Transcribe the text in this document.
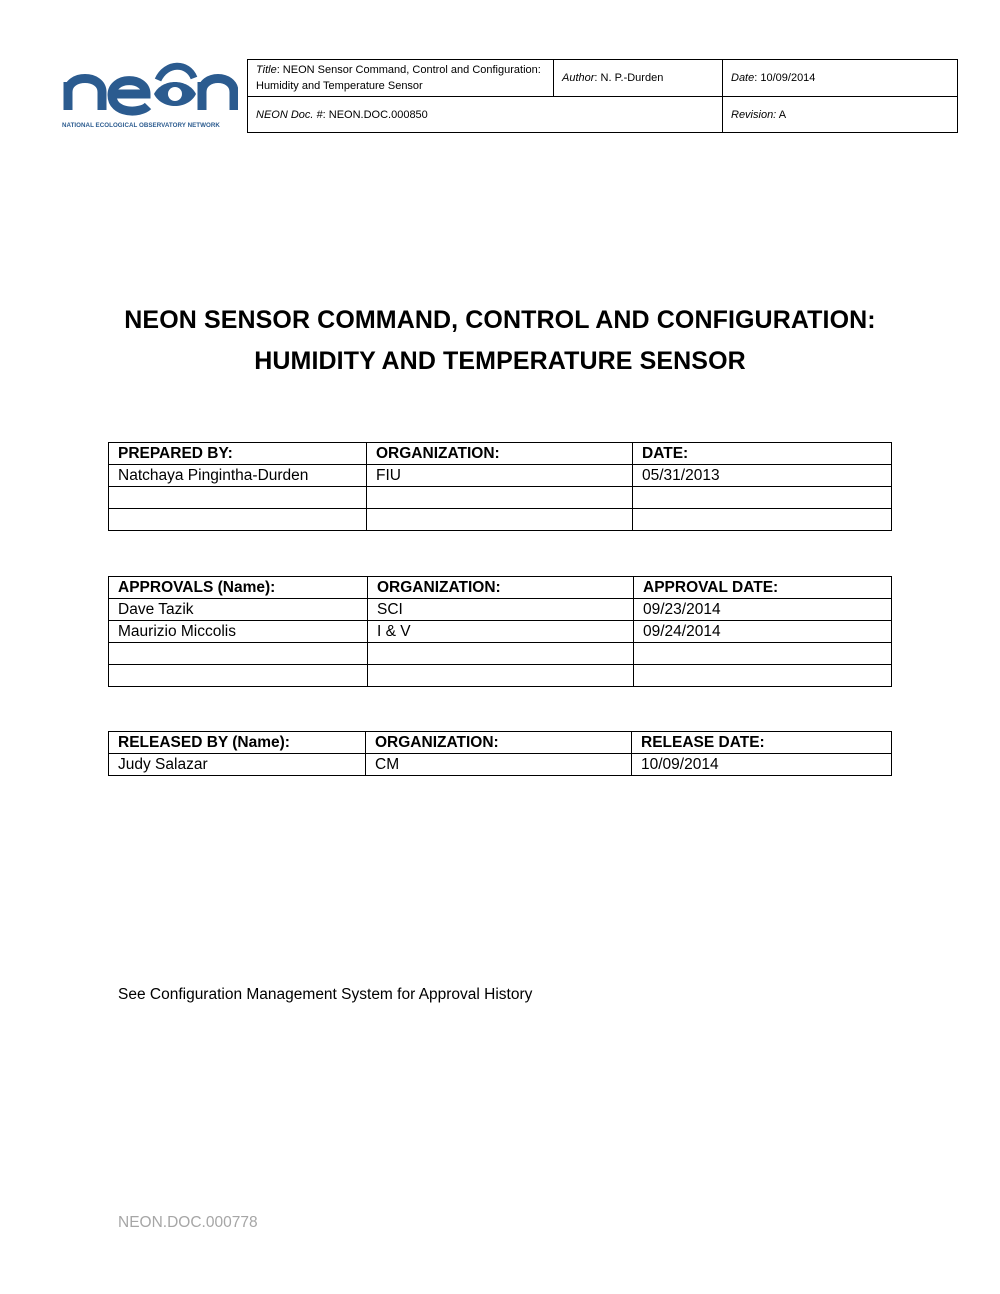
NATIONAL ECOLOGICAL OBSERVATORY NETWORK
Title: NEON Sensor Command, Control and Configuration: Humidity and Temperature Sensor	Author: N. P.-Durden	Date: 10/09/2014
NEON Doc. #: NEON.DOC.000850		Revision: A
NEON SENSOR COMMAND, CONTROL AND CONFIGURATION:
HUMIDITY AND TEMPERATURE SENSOR
PREPARED BY:	ORGANIZATION:	DATE:
Natchaya Pingintha-Durden	FIU	05/31/2013

APPROVALS (Name):	ORGANIZATION:	APPROVAL DATE:
Dave Tazik	SCI	09/23/2014
Maurizio Miccolis	I & V	09/24/2014

RELEASED BY (Name):	ORGANIZATION:	RELEASE DATE:
Judy Salazar	CM	10/09/2014
See Configuration Management System for Approval History
NEON.DOC.000778
